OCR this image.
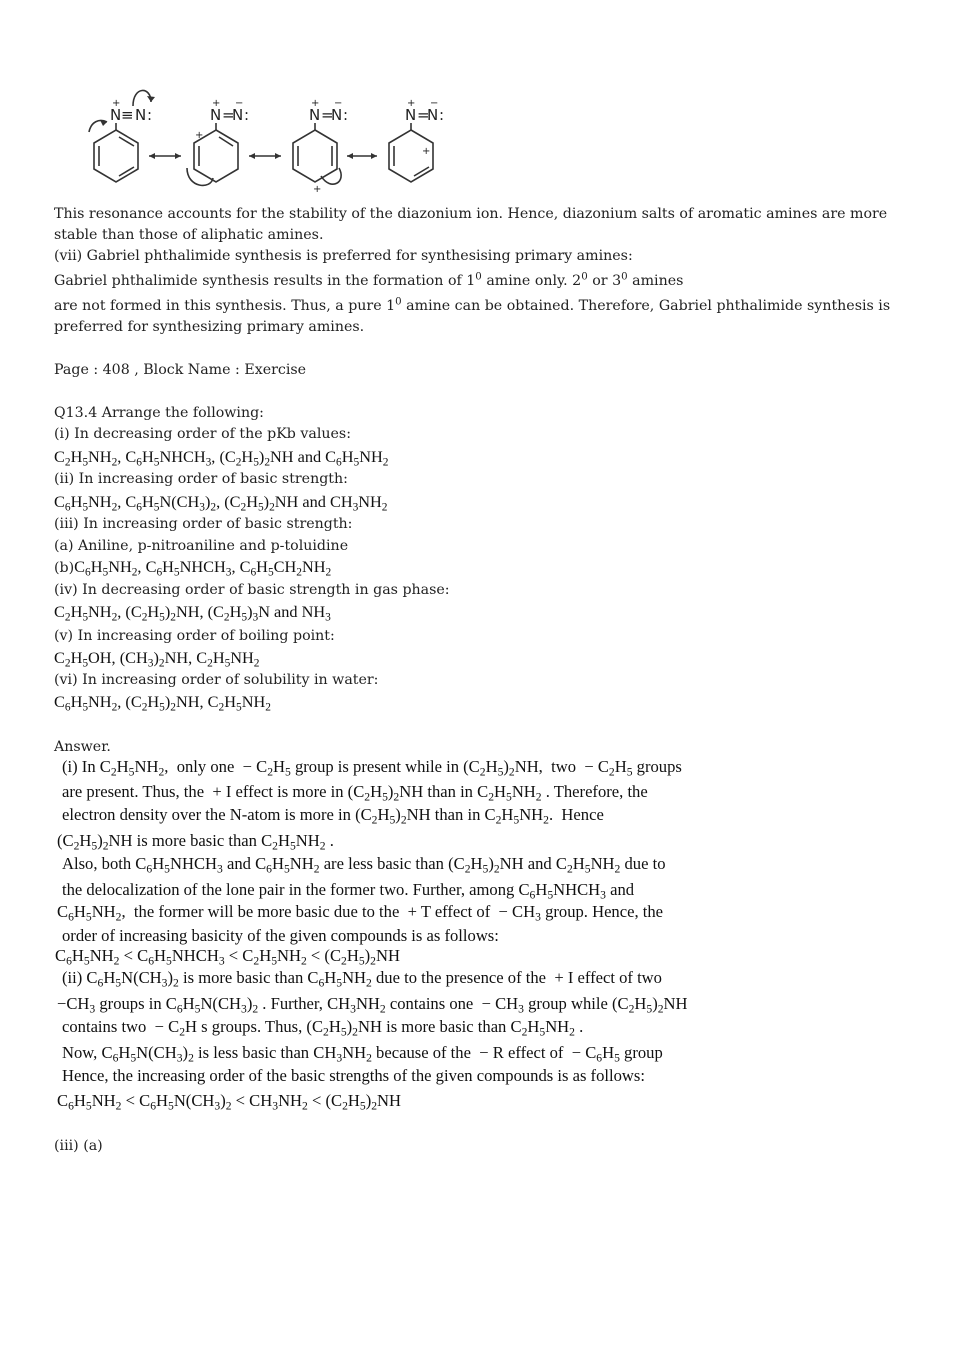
N ≡ N :	N =
N :	N =
N :	N =
N :
+	+ −
+
+ −
+
+ −
+
This resonance accounts for the stability of the diazonium ion. Hence, diazonium salts of aromatic amines are more stable than those of aliphatic amines.
(vii) Gabriel phthalimide synthesis is preferred for synthesising primary amines:
Gabriel phthalimide synthesis results in the formation of $1^0$ amine only. $2^0$ or $3^0$ amines
are not formed in this synthesis. Thus, a pure $1^0$ amine can be obtained. Therefore, Gabriel phthalimide synthesis is
preferred for synthesizing primary amines.
Page : 408 , Block Name : Exercise
Q13.4 Arrange the following:
(i) In decreasing order of the pKb values:
$C_2H_5NH_2$, $C_6H_5NHCH_3$, $(C_2H_5)_2NH$ and $C_6H_5NH_2$
(ii) In increasing order of basic strength:
$C_6H_5NH_2$, $C_6H_5N(CH_3)_2$, $(C_2H_5)_2NH$ and $CH_3NH_2$
(iii) In increasing order of basic strength:
(a) Aniline, p-nitroaniline and p-toluidine
$(b)C_6H_5NH_2$, $C_6H_5NHCH_3$, $C_6H_5CH_2NH_2$
(iv) In decreasing order of basic strength in gas phase:
$C_2H_5NH_2$, $(C_2H_5)_2NH$, $(C_2H_5)_3N$ and $NH_3$
(v) In increasing order of boiling point:
$C_2H_5OH$, $(CH_3)_2NH$, $C_2H_5NH_2$
(vi) In increasing order of solubility in water:
$C_6H_5NH_2$, $(C_2H_5)_2NH$, $C_2H_5NH_2$
Answer.
(i) In $C_2H_5NH_2$,  only one  − $C_2H_5$ group is present while in $(C_2H_5)_2NH$,  two  − $C_2H_5$ groups
are present. Thus, the  + I effect is more in $(C_2H_5)_2NH$ than in $C_2H_5NH_2$ . Therefore, the
electron density over the N-atom is more in $(C_2H_5)_2NH$ than in $C_2H_5NH_2$.  Hence
$(C_2H_5)_2NH$ is more basic than $C_2H_5NH_2$ .
Also, both $C_6H_5NHCH_3$ and $C_6H_5NH_2$ are less basic than $(C_2H_5)_2NH$ and $C_2H_5NH_2$ due to
the delocalization of the lone pair in the former two. Further, among $C_6H_5NHCH_3$ and
$C_6H_5NH_2$,  the former will be more basic due to the  + T effect of  − $CH_3$ group. Hence, the
order of increasing basicity of the given compounds is as follows:
$C_6H_5NH_2$ < $C_6H_5NHCH_3 < C_2H_5NH_2 < (C_2H_5)_2NH$
(ii) $C_6H_5N(CH_3)_2$ is more basic than $C_6H_5NH_2$ due to the presence of the  + I effect of two
$-CH_3$ groups in $C_6H_5N(CH_3)_2$ . Further, $CH_3NH_2$ contains one  − $CH_3$ group while $(C_2H_5)_2NH$
contains two  − $C_2H$ s groups. Thus, $(C_2H_5)_2NH$ is more basic than $C_2H_5NH_2$ .
Now, $C_6H_5N(CH_3)_2$ is less basic than $CH_3NH_2$ because of the  − R effect of  − $C_6H_5$ group
Hence, the increasing order of the basic strengths of the given compounds is as follows:
$C_6H_5NH_2 < C_6H_5N(CH_3)_2 < CH_3NH_2 < (C_2H_5)_2NH$
(iii) (a)
